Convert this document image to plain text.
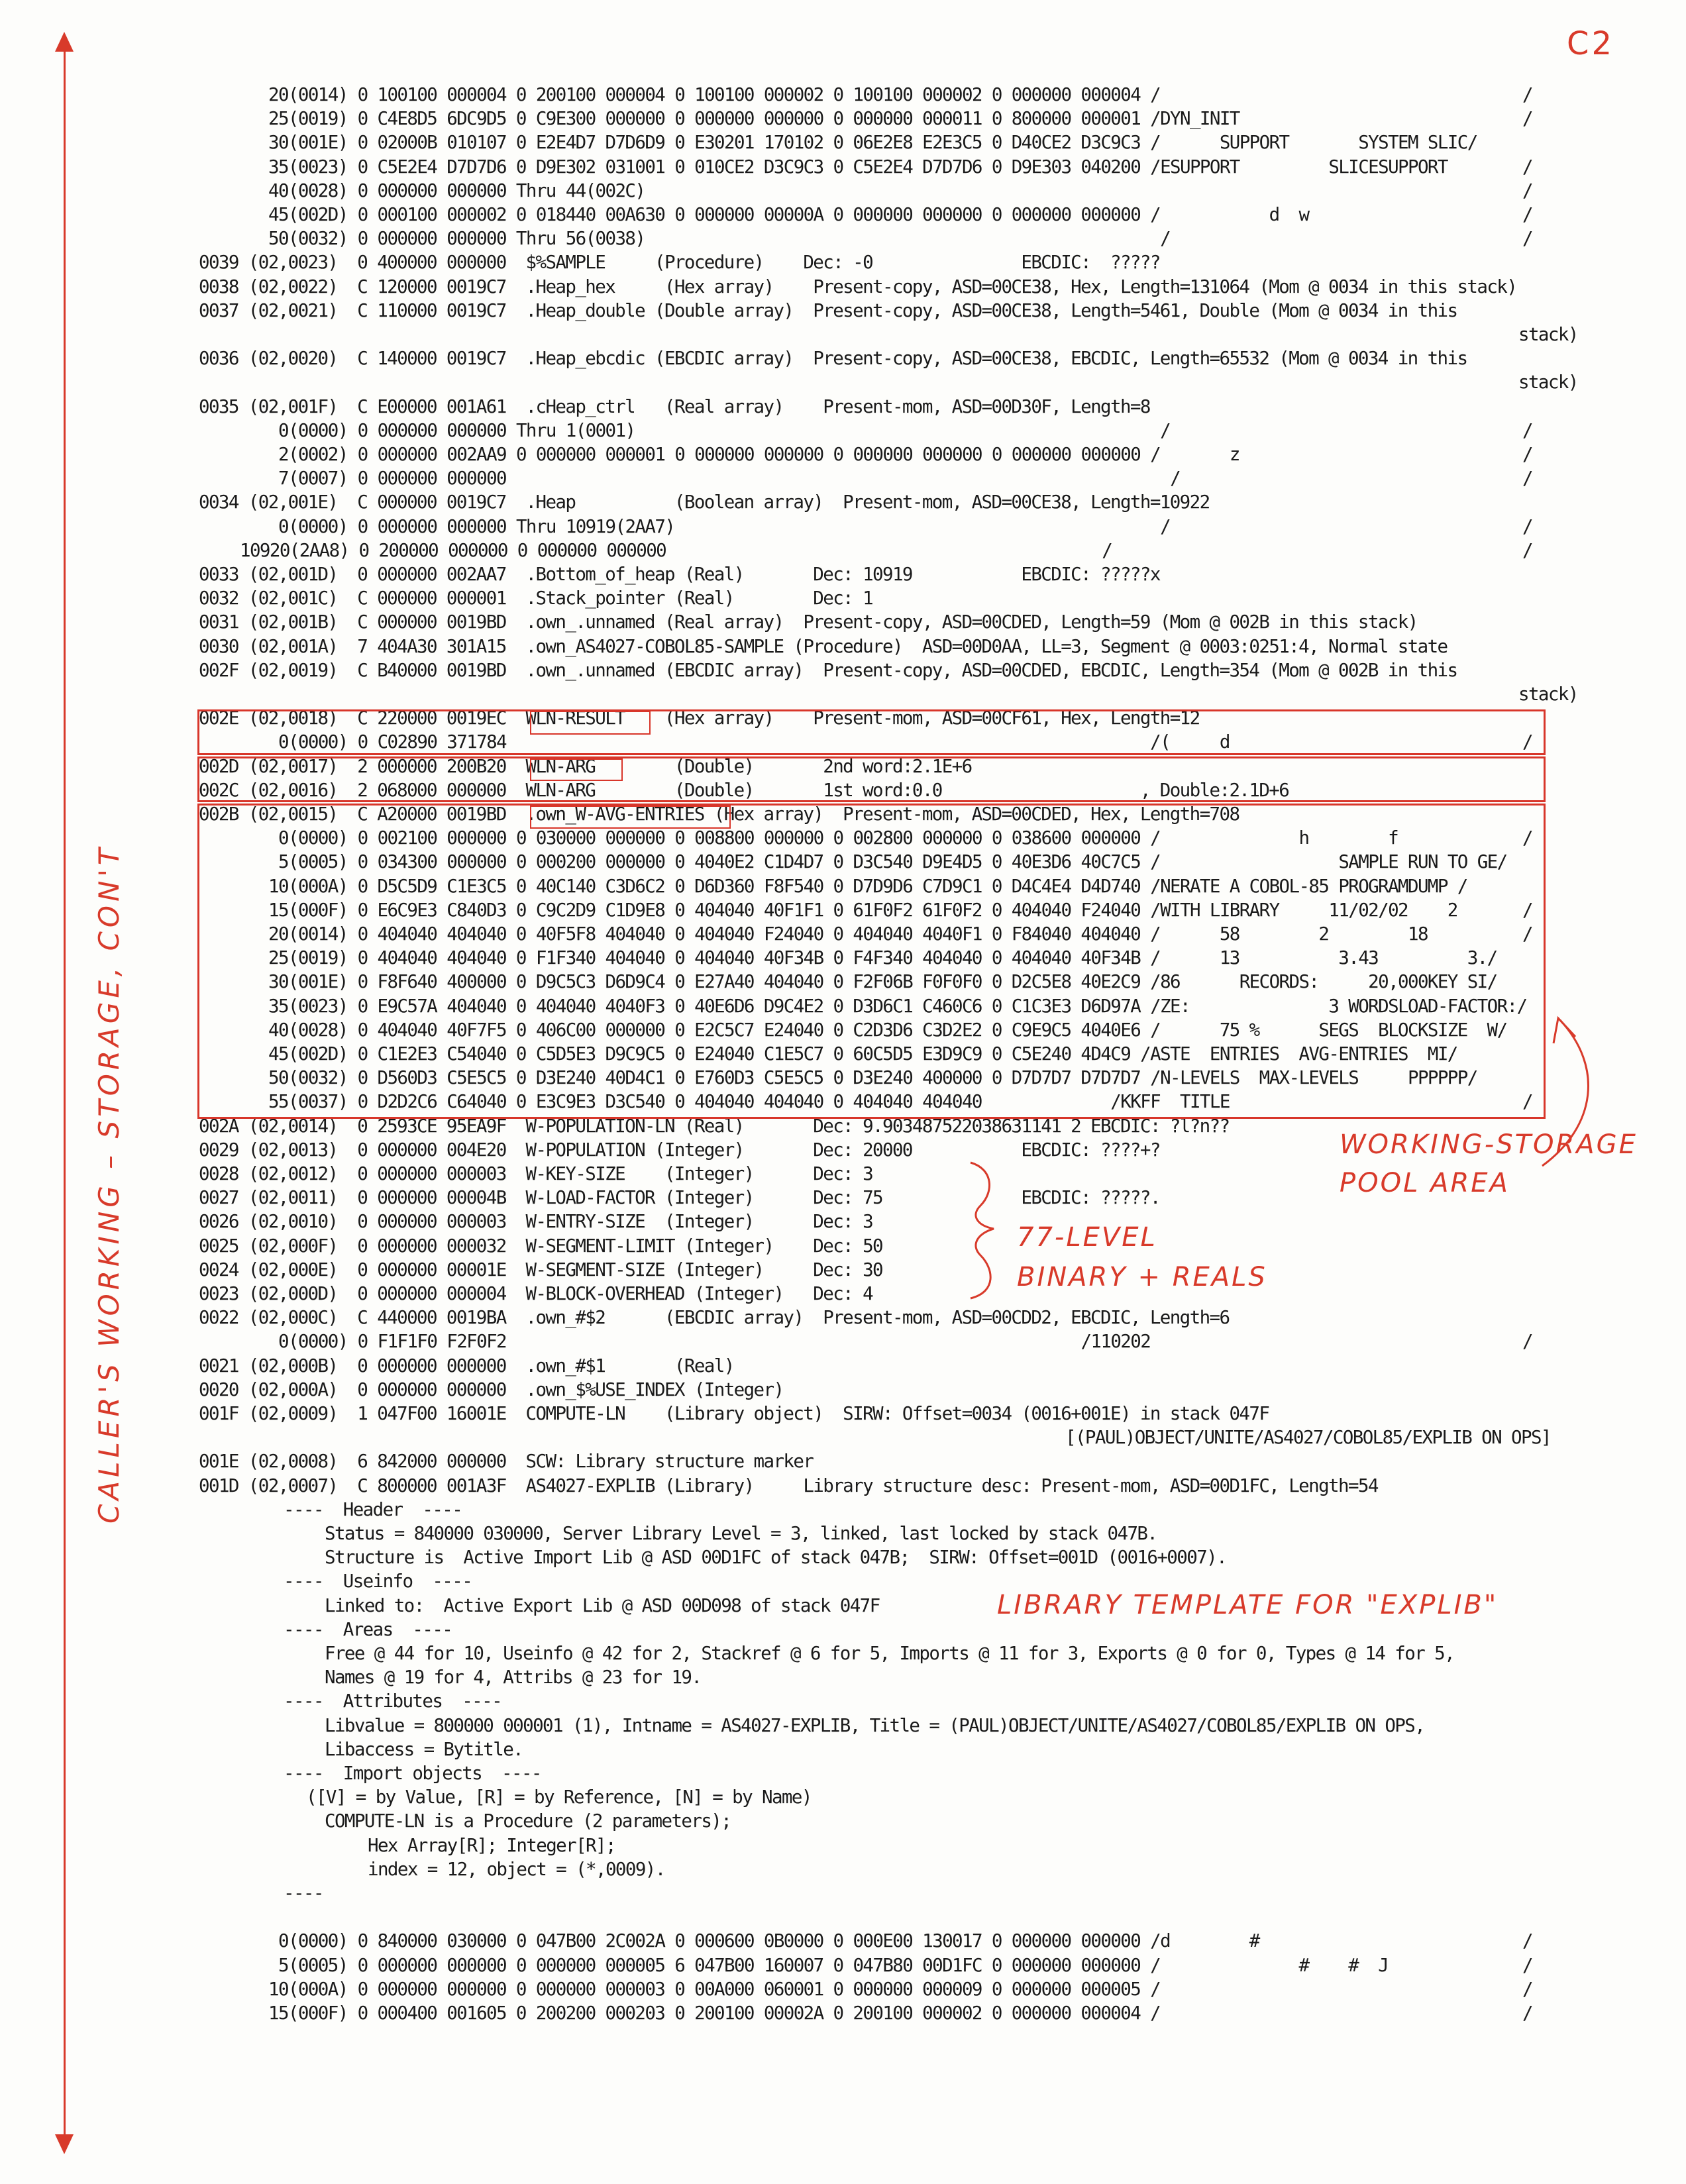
C2
20(0014) 0 100100 000004 0 200100 000004 0 100100 000002 0 100100 000002 0 000000 000004 /	/
25(0019) 0 C4E8D5 6DC9D5 0 C9E300 000000 0 000000 000000 0 000000 000011 0 800000 000001 /DYN_INIT	/
30(001E) 0 02000B 010107 0 E2E4D7 D7D6D9 0 E30201 170102 0 06E2E8 E2E3C5 0 D40CE2 D3C9C3 /      SUPPORT       SYSTEM SLIC/
35(0023) 0 C5E2E4 D7D7D6 0 D9E302 031001 0 010CE2 D3C9C3 0 C5E2E4 D7D7D6 0 D9E303 040200 /ESUPPORT         SLICESUPPORT	/
40(0028) 0 000000 000000 Thru 44(002C)	/
45(002D) 0 000100 000002 0 018440 00A630 0 000000 00000A 0 000000 000000 0 000000 000000 /           d  w	/
50(0032) 0 000000 000000 Thru 56(0038)                                                    /	/
0039 (02,0023)  0 400000 000000  $%SAMPLE     (Procedure)    Dec: -0               EBCDIC:  ?????
0038 (02,0022)  C 120000 0019C7  .Heap_hex     (Hex array)    Present-copy, ASD=00CE38, Hex, Length=131064 (Mom @ 0034 in this stack)
0037 (02,0021)  C 110000 0019C7  .Heap_double (Double array)  Present-copy, ASD=00CE38, Length=5461, Double (Mom @ 0034 in this
stack)
0036 (02,0020)  C 140000 0019C7  .Heap_ebcdic (EBCDIC array)  Present-copy, ASD=00CE38, EBCDIC, Length=65532 (Mom @ 0034 in this
stack)
0035 (02,001F)  C E00000 001A61  .cHeap_ctrl   (Real array)    Present-mom, ASD=00D30F, Length=8
0(0000) 0 000000 000000 Thru 1(0001)                                                     /	/
2(0002) 0 000000 002AA9 0 000000 000001 0 000000 000000 0 000000 000000 0 000000 000000 /       z	/
7(0007) 0 000000 000000                                                                   /	/
0034 (02,001E)  C 000000 0019C7  .Heap          (Boolean array)  Present-mom, ASD=00CE38, Length=10922
0(0000) 0 000000 000000 Thru 10919(2AA7)                                                 /	/
10920(2AA8) 0 200000 000000 0 000000 000000                                            /	/
0033 (02,001D)  0 000000 002AA7  .Bottom_of_heap (Real)       Dec: 10919           EBCDIC: ?????x
0032 (02,001C)  C 000000 000001  .Stack_pointer (Real)        Dec: 1
0031 (02,001B)  C 000000 0019BD  .own_.unnamed (Real array)  Present-copy, ASD=00CDED, Length=59 (Mom @ 002B in this stack)
0030 (02,001A)  7 404A30 301A15  .own_AS4027-COBOL85-SAMPLE (Procedure)  ASD=00D0AA, LL=3, Segment @ 0003:0251:4, Normal state
002F (02,0019)  C B40000 0019BD  .own_.unnamed (EBCDIC array)  Present-copy, ASD=00CDED, EBCDIC, Length=354 (Mom @ 002B in this
stack)
002E (02,0018)  C 220000 0019EC  WLN-RESULT    (Hex array)    Present-mom, ASD=00CF61, Hex, Length=12
0(0000) 0 C02890 371784                                                                 /(     d	/
002D (02,0017)  2 000000 200B20  WLN-ARG        (Double)       2nd word:2.1E+6
002C (02,0016)  2 068000 000000  WLN-ARG        (Double)       1st word:0.0                    , Double:2.1D+6
002B (02,0015)  C A20000 0019BD  .own_W-AVG-ENTRIES (Hex array)  Present-mom, ASD=00CDED, Hex, Length=708
0(0000) 0 002100 000000 0 030000 000000 0 008800 000000 0 002800 000000 0 038600 000000 /              h        f	/
5(0005) 0 034300 000000 0 000200 000000 0 4040E2 C1D4D7 0 D3C540 D9E4D5 0 40E3D6 40C7C5 /                  SAMPLE RUN TO GE/
10(000A) 0 D5C5D9 C1E3C5 0 40C140 C3D6C2 0 D6D360 F8F540 0 D7D9D6 C7D9C1 0 D4C4E4 D4D740 /NERATE A COBOL-85 PROGRAMDUMP /
15(000F) 0 E6C9E3 C840D3 0 C9C2D9 C1D9E8 0 404040 40F1F1 0 61F0F2 61F0F2 0 404040 F24040 /WITH LIBRARY     11/02/02    2	/
20(0014) 0 404040 404040 0 40F5F8 404040 0 404040 F24040 0 404040 4040F1 0 F84040 404040 /      58        2        18	/
25(0019) 0 404040 404040 0 F1F340 404040 0 404040 40F34B 0 F4F340 404040 0 404040 40F34B /      13          3.43         3./
30(001E) 0 F8F640 400000 0 D9C5C3 D6D9C4 0 E27A40 404040 0 F2F06B F0F0F0 0 D2C5E8 40E2C9 /86      RECORDS:     20,000KEY SI/
35(0023) 0 E9C57A 404040 0 404040 4040F3 0 40E6D6 D9C4E2 0 D3D6C1 C460C6 0 C1C3E3 D6D97A /ZE:              3 WORDSLOAD-FACTOR:/
40(0028) 0 404040 40F7F5 0 406C00 000000 0 E2C5C7 E24040 0 C2D3D6 C3D2E2 0 C9E9C5 4040E6 /      75 %      SEGS  BLOCKSIZE  W/
45(002D) 0 C1E2E3 C54040 0 C5D5E3 D9C9C5 0 E24040 C1E5C7 0 60C5D5 E3D9C9 0 C5E240 4D4C9 /ASTE  ENTRIES  AVG-ENTRIES  MI/
50(0032) 0 D560D3 C5E5C5 0 D3E240 40D4C1 0 E760D3 C5E5C5 0 D3E240 400000 0 D7D7D7 D7D7D7 /N-LEVELS  MAX-LEVELS     PPPPPP/
55(0037) 0 D2D2C6 C64040 0 E3C9E3 D3C540 0 404040 404040 0 404040 404040             /KKFF  TITLE	/
002A (02,0014)  0 2593CE 95EA9F  W-POPULATION-LN (Real)       Dec: 9.903487522038631141 2 EBCDIC: ?l?n??
0029 (02,0013)  0 000000 004E20  W-POPULATION (Integer)       Dec: 20000           EBCDIC: ????+?
0028 (02,0012)  0 000000 000003  W-KEY-SIZE    (Integer)      Dec: 3
0027 (02,0011)  0 000000 00004B  W-LOAD-FACTOR (Integer)      Dec: 75              EBCDIC: ?????.
0026 (02,0010)  0 000000 000003  W-ENTRY-SIZE  (Integer)      Dec: 3
0025 (02,000F)  0 000000 000032  W-SEGMENT-LIMIT (Integer)    Dec: 50
0024 (02,000E)  0 000000 00001E  W-SEGMENT-SIZE (Integer)     Dec: 30
0023 (02,000D)  0 000000 000004  W-BLOCK-OVERHEAD (Integer)   Dec: 4
0022 (02,000C)  C 440000 0019BA  .own_#$2      (EBCDIC array)  Present-mom, ASD=00CDD2, EBCDIC, Length=6
0(0000) 0 F1F1F0 F2F0F2                                                          /110202	/
0021 (02,000B)  0 000000 000000  .own_#$1       (Real)
0020 (02,000A)  0 000000 000000  .own_$%USE_INDEX (Integer)
001F (02,0009)  1 047F00 16001E  COMPUTE-LN    (Library object)  SIRW: Offset=0034 (0016+001E) in stack 047F
[(PAUL)OBJECT/UNITE/AS4027/COBOL85/EXPLIB ON OPS]
001E (02,0008)  6 842000 000000  SCW: Library structure marker
001D (02,0007)  C 800000 001A3F  AS4027-EXPLIB (Library)     Library structure desc: Present-mom, ASD=00D1FC, Length=54
----  Header  ----
Status = 840000 030000, Server Library Level = 3, linked, last locked by stack 047B.
Structure is  Active Import Lib @ ASD 00D1FC of stack 047B;  SIRW: Offset=001D (0016+0007).
----  Useinfo  ----
Linked to:  Active Export Lib @ ASD 00D098 of stack 047F
----  Areas  ----
Free @ 44 for 10, Useinfo @ 42 for 2, Stackref @ 6 for 5, Imports @ 11 for 3, Exports @ 0 for 0, Types @ 14 for 5,
Names @ 19 for 4, Attribs @ 23 for 19.
----  Attributes  ----
Libvalue = 800000 000001 (1), Intname = AS4027-EXPLIB, Title = (PAUL)OBJECT/UNITE/AS4027/COBOL85/EXPLIB ON OPS,
Libaccess = Bytitle.
----  Import objects  ----
([V] = by Value, [R] = by Reference, [N] = by Name)
COMPUTE-LN is a Procedure (2 parameters);
Hex Array[R]; Integer[R];
index = 12, object = (*,0009).
----
0(0000) 0 840000 030000 0 047B00 2C002A 0 000600 0B0000 0 000E00 130017 0 000000 000000 /d        #	/
5(0005) 0 000000 000000 0 000000 000005 6 047B00 160007 0 047B80 00D1FC 0 000000 000000 /              #    #  J	/
10(000A) 0 000000 000000 0 000000 000003 0 00A000 060001 0 000000 000009 0 000000 000005 /	/
15(000F) 0 000400 001605 0 200200 000203 0 200100 00002A 0 200100 000002 0 000000 000004 /	/
CALLER'S WORKING – STORAGE, CON'T	WORKING-STORAGE
POOL AREA
77-LEVEL
BINARY + REALS
LIBRARY TEMPLATE FOR "EXPLIB"
